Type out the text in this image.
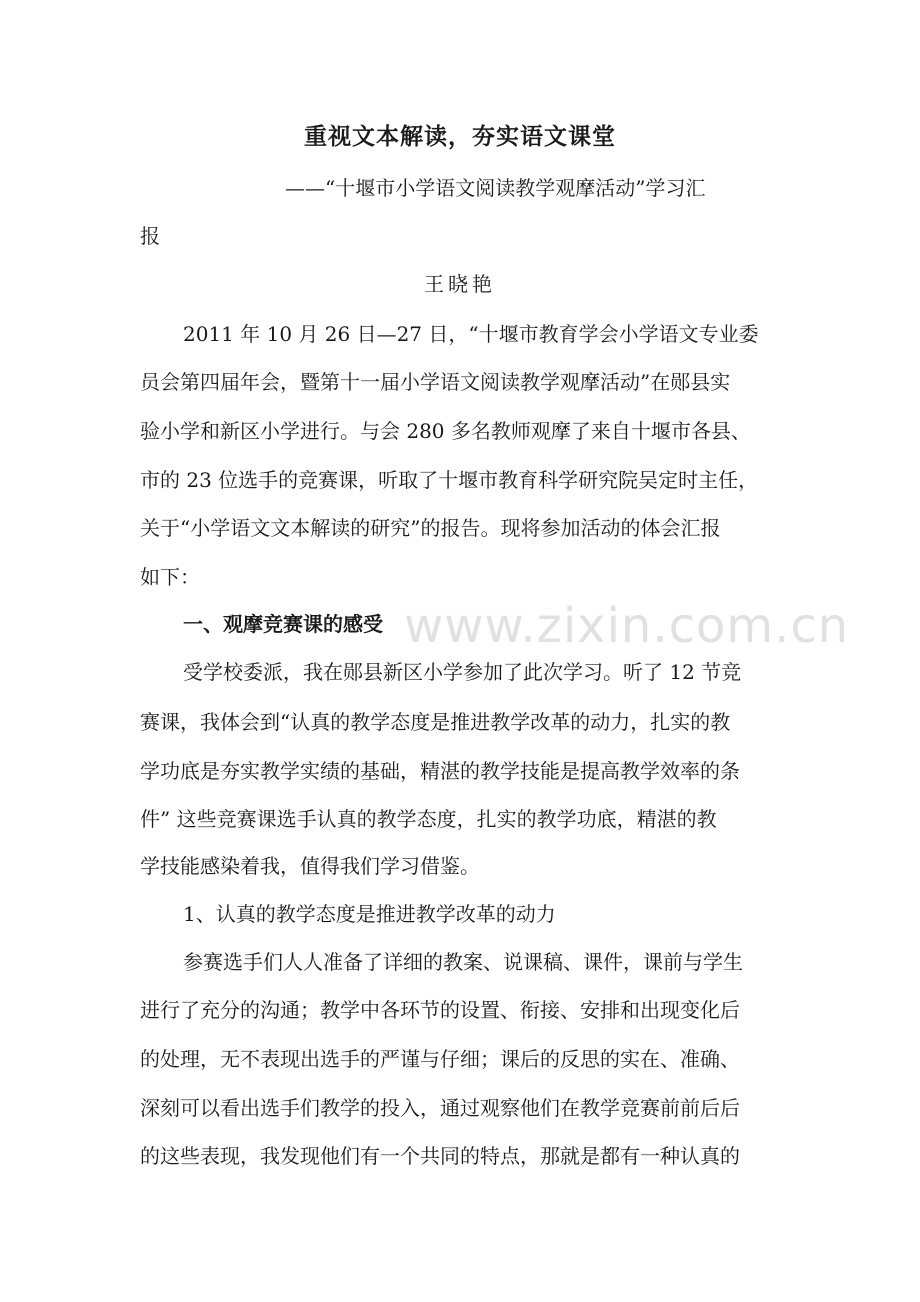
www.zixin.com.cn
重视文本解读，夯实语文课堂
——“十堰市小学语文阅读教学观摩活动”学习汇
报
王晓艳
2011 年 10 月 26 日—27 日，“十堰市教育学会小学语文专业委
员会第四届年会，暨第十一届小学语文阅读教学观摩活动”在郧县实
验小学和新区小学进行。与会 280 多名教师观摩了来自十堰市各县、
市的 23 位选手的竞赛课，听取了十堰市教育科学研究院吴定时主任，
关于“小学语文文本解读的研究”的报告。现将参加活动的体会汇报
如下：
一、观摩竞赛课的感受
受学校委派，我在郧县新区小学参加了此次学习。听了 12 节竞
赛课，我体会到“认真的教学态度是推进教学改革的动力，扎实的教
学功底是夯实教学实绩的基础，精湛的教学技能是提高教学效率的条
件” 这些竞赛课选手认真的教学态度，扎实的教学功底，精湛的教
学技能感染着我，值得我们学习借鉴。
1、认真的教学态度是推进教学改革的动力
参赛选手们人人准备了详细的教案、说课稿、课件，课前与学生
进行了充分的沟通；教学中各环节的设置、衔接、安排和出现变化后
的处理，无不表现出选手的严谨与仔细；课后的反思的实在、准确、
深刻可以看出选手们教学的投入，通过观察他们在教学竞赛前前后后
的这些表现，我发现他们有一个共同的特点，那就是都有一种认真的
